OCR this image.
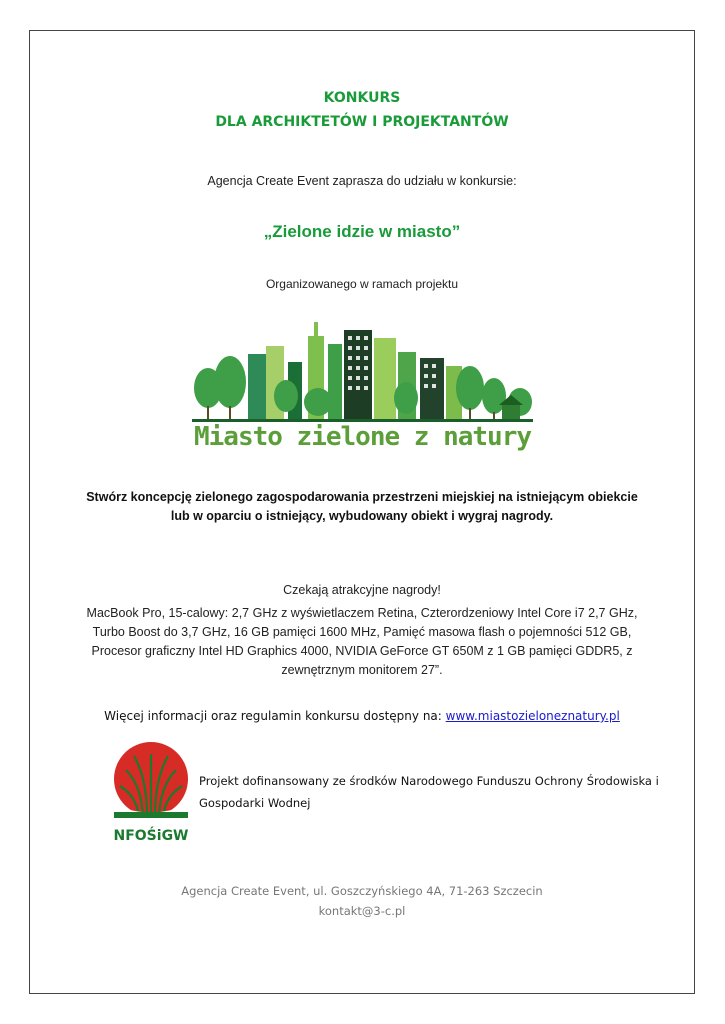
KONKURS
DLA ARCHIKTETÓW I PROJEKTANTÓW
Agencja Create Event zaprasza do udziału w konkursie:
„Zielone idzie w miasto”
Organizowanego w ramach projektu
Miasto zielone z natury
Stwórz koncepcję zielonego zagospodarowania przestrzeni miejskiej na istniejącym obiekcie
lub w oparciu o istniejący, wybudowany obiekt i wygraj nagrody.
Czekają atrakcyjne nagrody!
MacBook Pro, 15-calowy: 2,7 GHz z wyświetlaczem Retina, Czterordzeniowy Intel Core i7 2,7 GHz,
Turbo Boost do 3,7 GHz, 16 GB pamięci 1600 MHz, Pamięć masowa flash o pojemności 512 GB,
Procesor graficzny Intel HD Graphics 4000, NVIDIA GeForce GT 650M z 1 GB pamięci GDDR5, z
zewnętrznym monitorem 27”.
Więcej informacji oraz regulamin konkursu dostępny na: www.miastozieloneznatury.pl
NFOŚiGW
Projekt dofinansowany ze środków Narodowego Funduszu Ochrony Środowiska i
Gospodarki Wodnej
Agencja Create Event, ul. Goszczyńskiego 4A, 71-263 Szczecin
kontakt@3-c.pl
